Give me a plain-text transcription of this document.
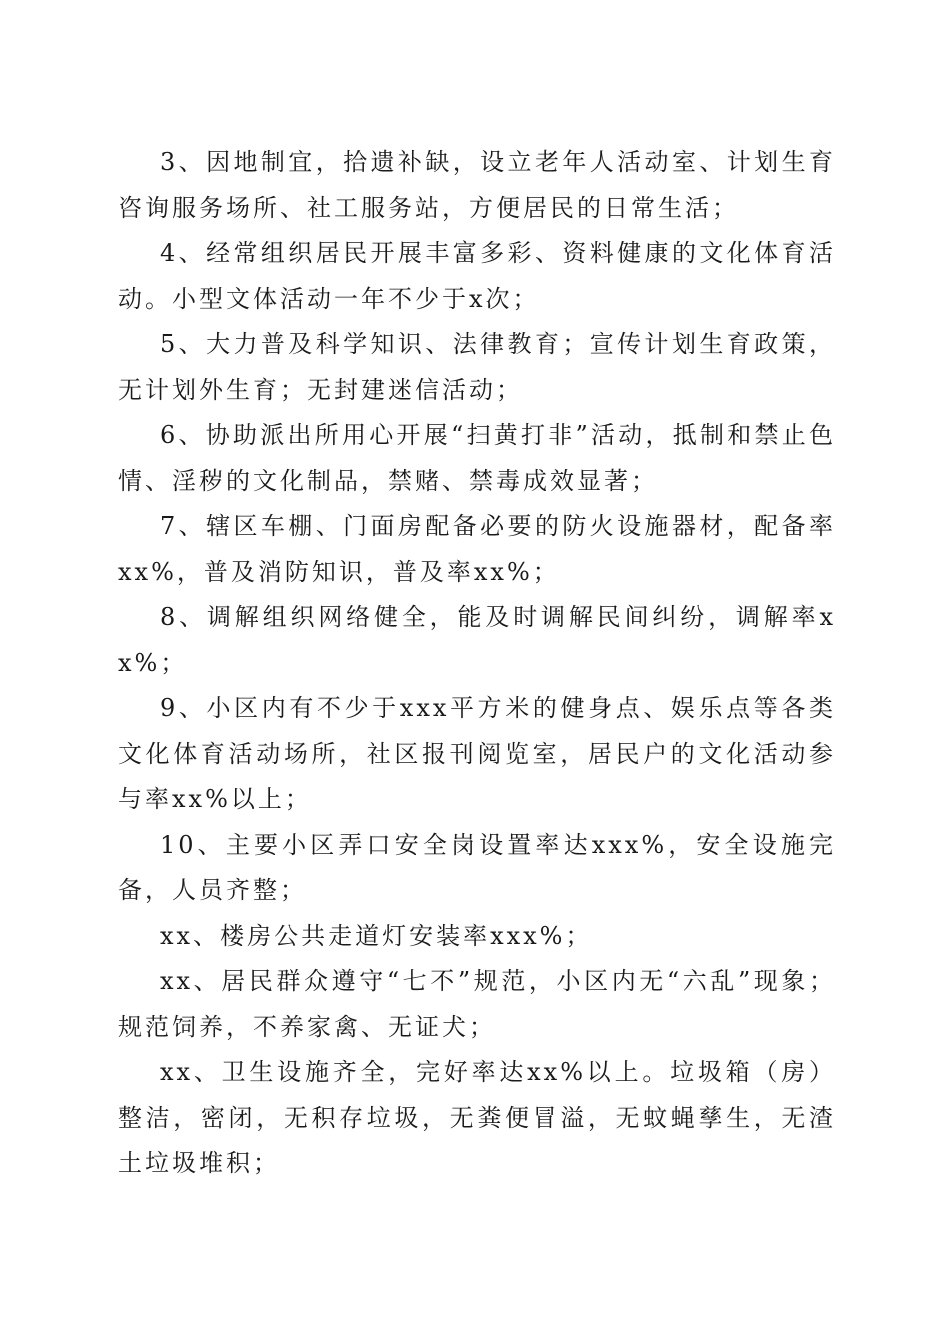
3、因地制宜，拾遗补缺，设立老年人活动室、计划生育咨询服务场所、社工服务站，方便居民的日常生活；

4、经常组织居民开展丰富多彩、资料健康的文化体育活动。小型文体活动一年不少于x次；

5、大力普及科学知识、法律教育；宣传计划生育政策，无计划外生育；无封建迷信活动；

6、协助派出所用心开展“扫黄打非”活动，抵制和禁止色情、淫秽的文化制品，禁赌、禁毒成效显著；

7、辖区车棚、门面房配备必要的防火设施器材，配备率xx%，普及消防知识，普及率xx%；

8、调解组织网络健全，能及时调解民间纠纷，调解率xx%；

9、小区内有不少于xxx平方米的健身点、娱乐点等各类文化体育活动场所，社区报刊阅览室，居民户的文化活动参与率xx%以上；

10、主要小区弄口安全岗设置率达xxx%，安全设施完备，人员齐整；

xx、楼房公共走道灯安装率xxx%；

xx、居民群众遵守“七不”规范，小区内无“六乱”现象；规范饲养，不养家禽、无证犬；

xx、卫生设施齐全，完好率达xx%以上。垃圾箱（房）整洁，密闭，无积存垃圾，无粪便冒溢，无蚊蝇孳生，无渣土垃圾堆积；
